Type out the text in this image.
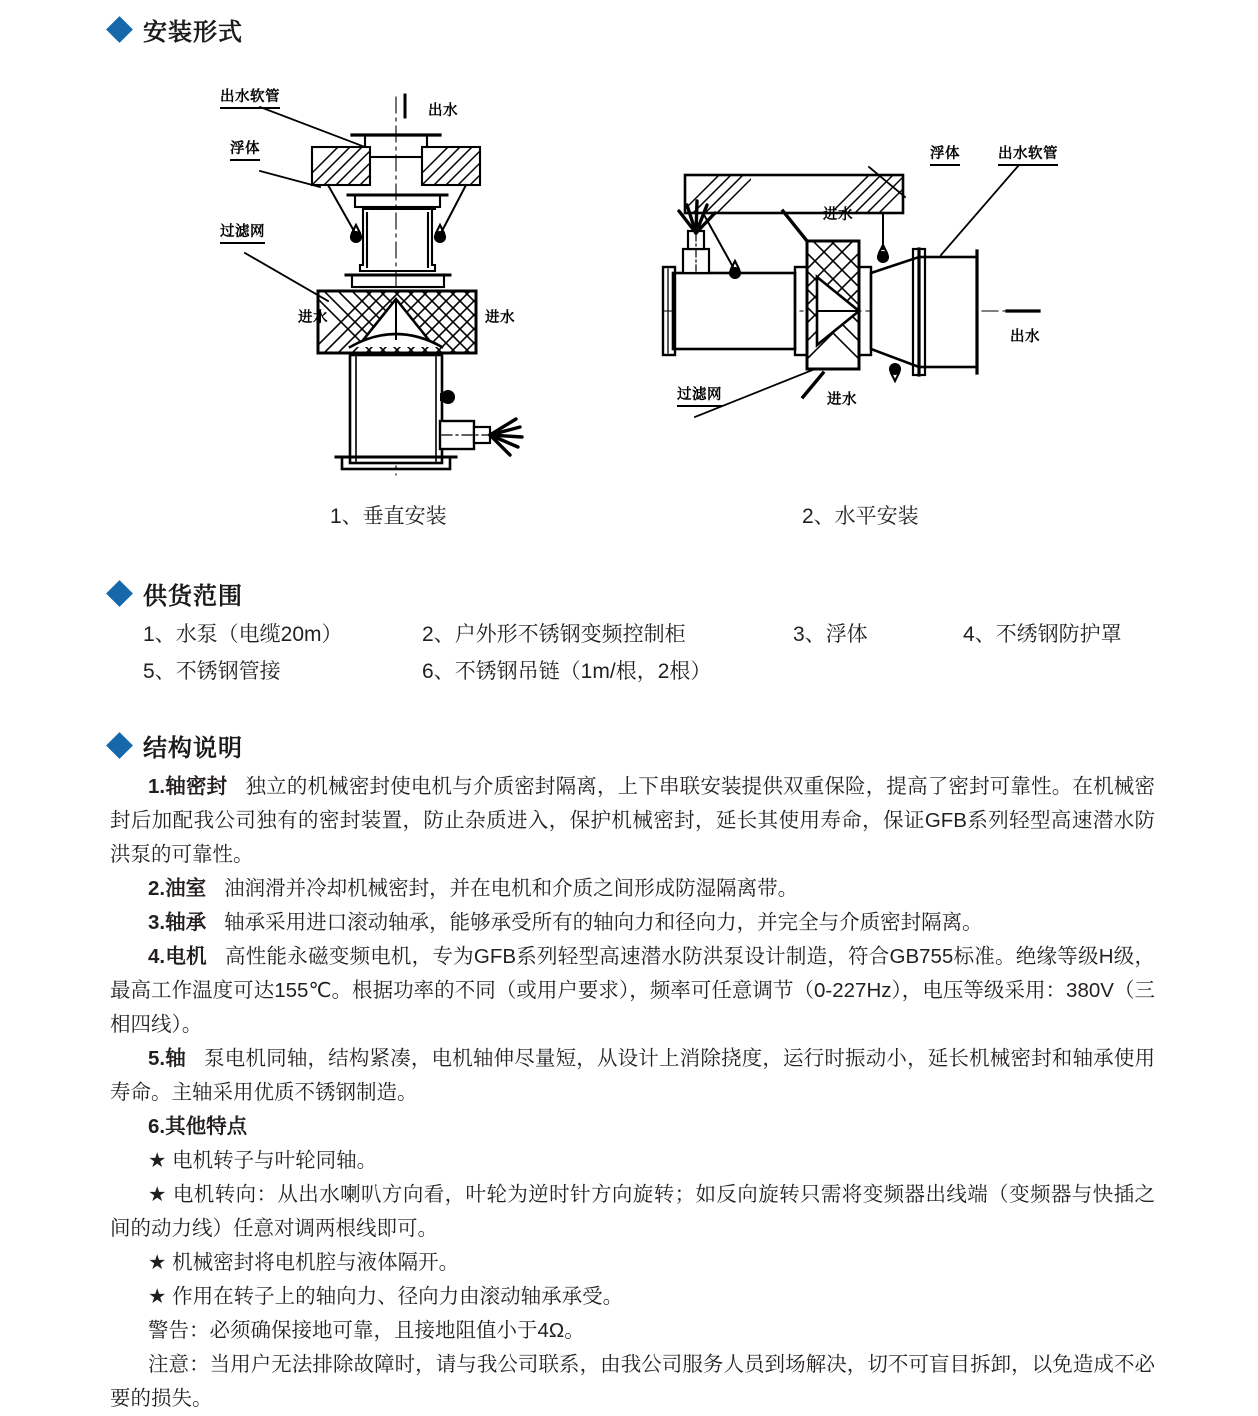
安装形式
出水软管
浮体
过滤网
出水
进水	进水
浮体	出水软管
进水
进水
过滤网
出水
1、垂直安装	2、水平安装
供货范围
1、水泵（电缆20m）	2、户外形不锈钢变频控制柜	3、浮体	4、不绣钢防护罩
5、不锈钢管接	6、不锈钢吊链（1m/根，2根）
结构说明

1.轴密封 独立的机械密封使电机与介质密封隔离，上下串联安装提供双重保险，提高了密封可靠性。在机械密封后加配我公司独有的密封装置，防止杂质进入，保护机械密封，延长其使用寿命，保证GFB系列轻型高速潜水防洪泵的可靠性。

2.油室 油润滑并冷却机械密封，并在电机和介质之间形成防湿隔离带。

3.轴承 轴承采用进口滚动轴承，能够承受所有的轴向力和径向力，并完全与介质密封隔离。

4.电机 高性能永磁变频电机，专为GFB系列轻型高速潜水防洪泵设计制造，符合GB755标准。绝缘等级H级，最高工作温度可达155℃。根据功率的不同（或用户要求），频率可任意调节（0-227Hz），电压等级采用：380V（三相四线）。

5.轴 泵电机同轴，结构紧凑，电机轴伸尽量短，从设计上消除挠度，运行时振动小，延长机械密封和轴承使用寿命。主轴采用优质不锈钢制造。

6.其他特点

★ 电机转子与叶轮同轴。

★ 电机转向：从出水喇叭方向看，叶轮为逆时针方向旋转；如反向旋转只需将变频器出线端（变频器与快插之间的动力线）任意对调两根线即可。

★ 机械密封将电机腔与液体隔开。

★ 作用在转子上的轴向力、径向力由滚动轴承承受。

警告：必须确保接地可靠，且接地阻值小于4Ω。

注意：当用户无法排除故障时，请与我公司联系，由我公司服务人员到场解决，切不可盲目拆卸，以免造成不必要的损失。
